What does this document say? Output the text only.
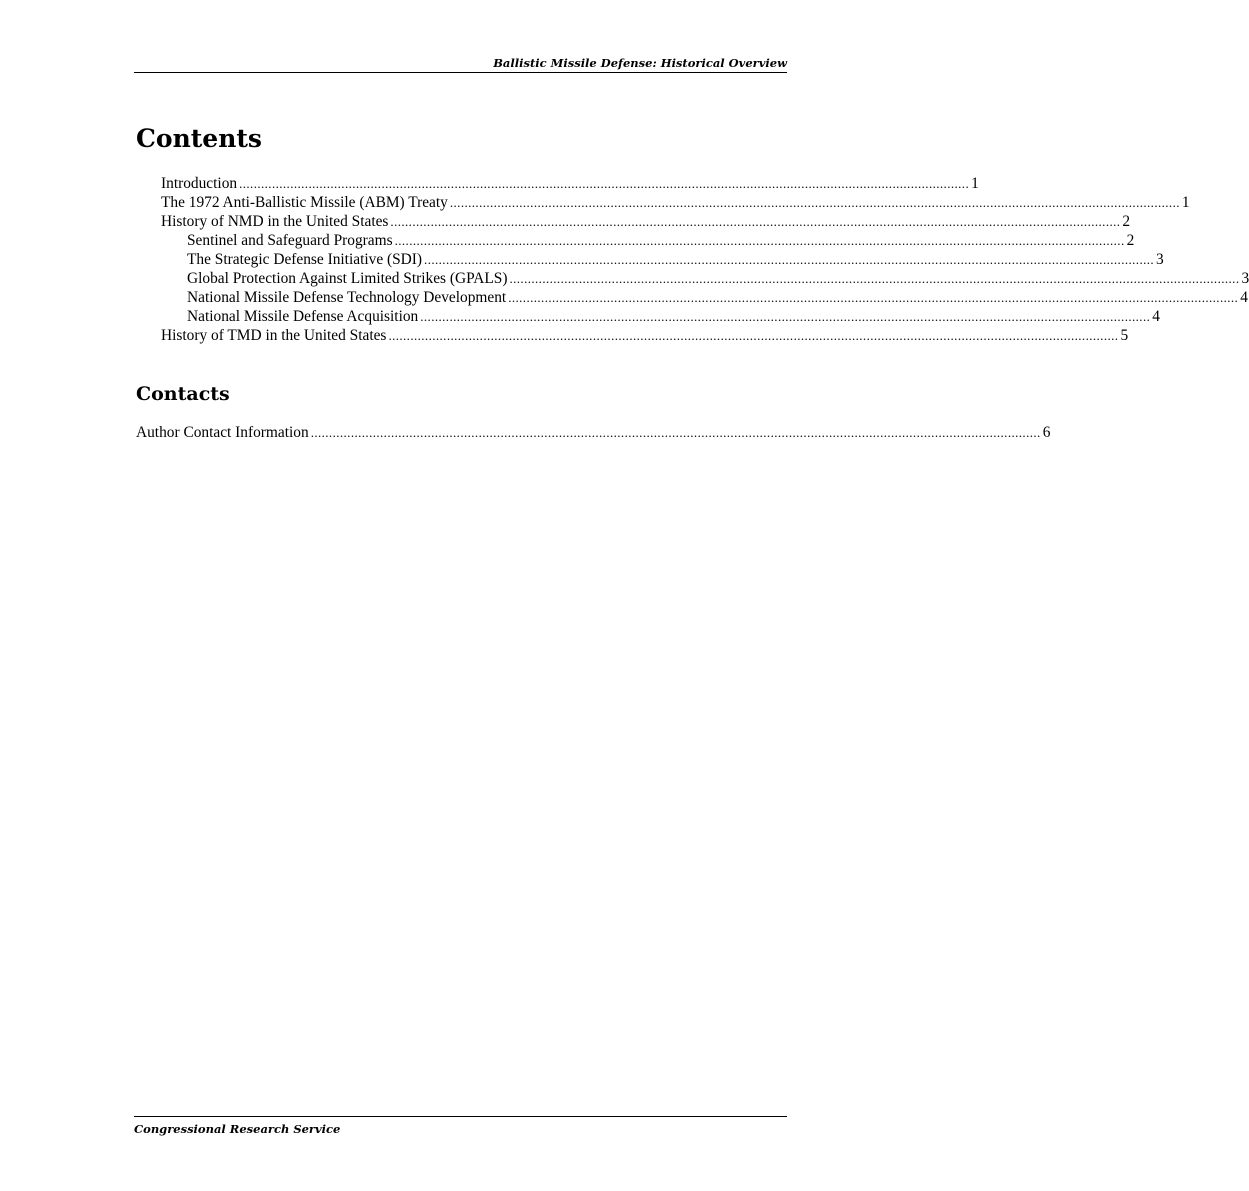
Ballistic Missile Defense: Historical Overview
Contents
Introduction ........................................................................................................................................................................................................ 1
The 1972 Anti-Ballistic Missile (ABM) Treaty ........................................................................................................................................................................................................ 1
History of NMD in the United States ........................................................................................................................................................................................................ 2
Sentinel and Safeguard Programs ........................................................................................................................................................................................................ 2
The Strategic Defense Initiative (SDI) ........................................................................................................................................................................................................ 3
Global Protection Against Limited Strikes (GPALS) ........................................................................................................................................................................................................ 3
National Missile Defense Technology Development ........................................................................................................................................................................................................ 4
National Missile Defense Acquisition ........................................................................................................................................................................................................ 4
History of TMD in the United States ........................................................................................................................................................................................................ 5
Contacts
Author Contact Information ........................................................................................................................................................................................................ 6
Congressional Research Service
